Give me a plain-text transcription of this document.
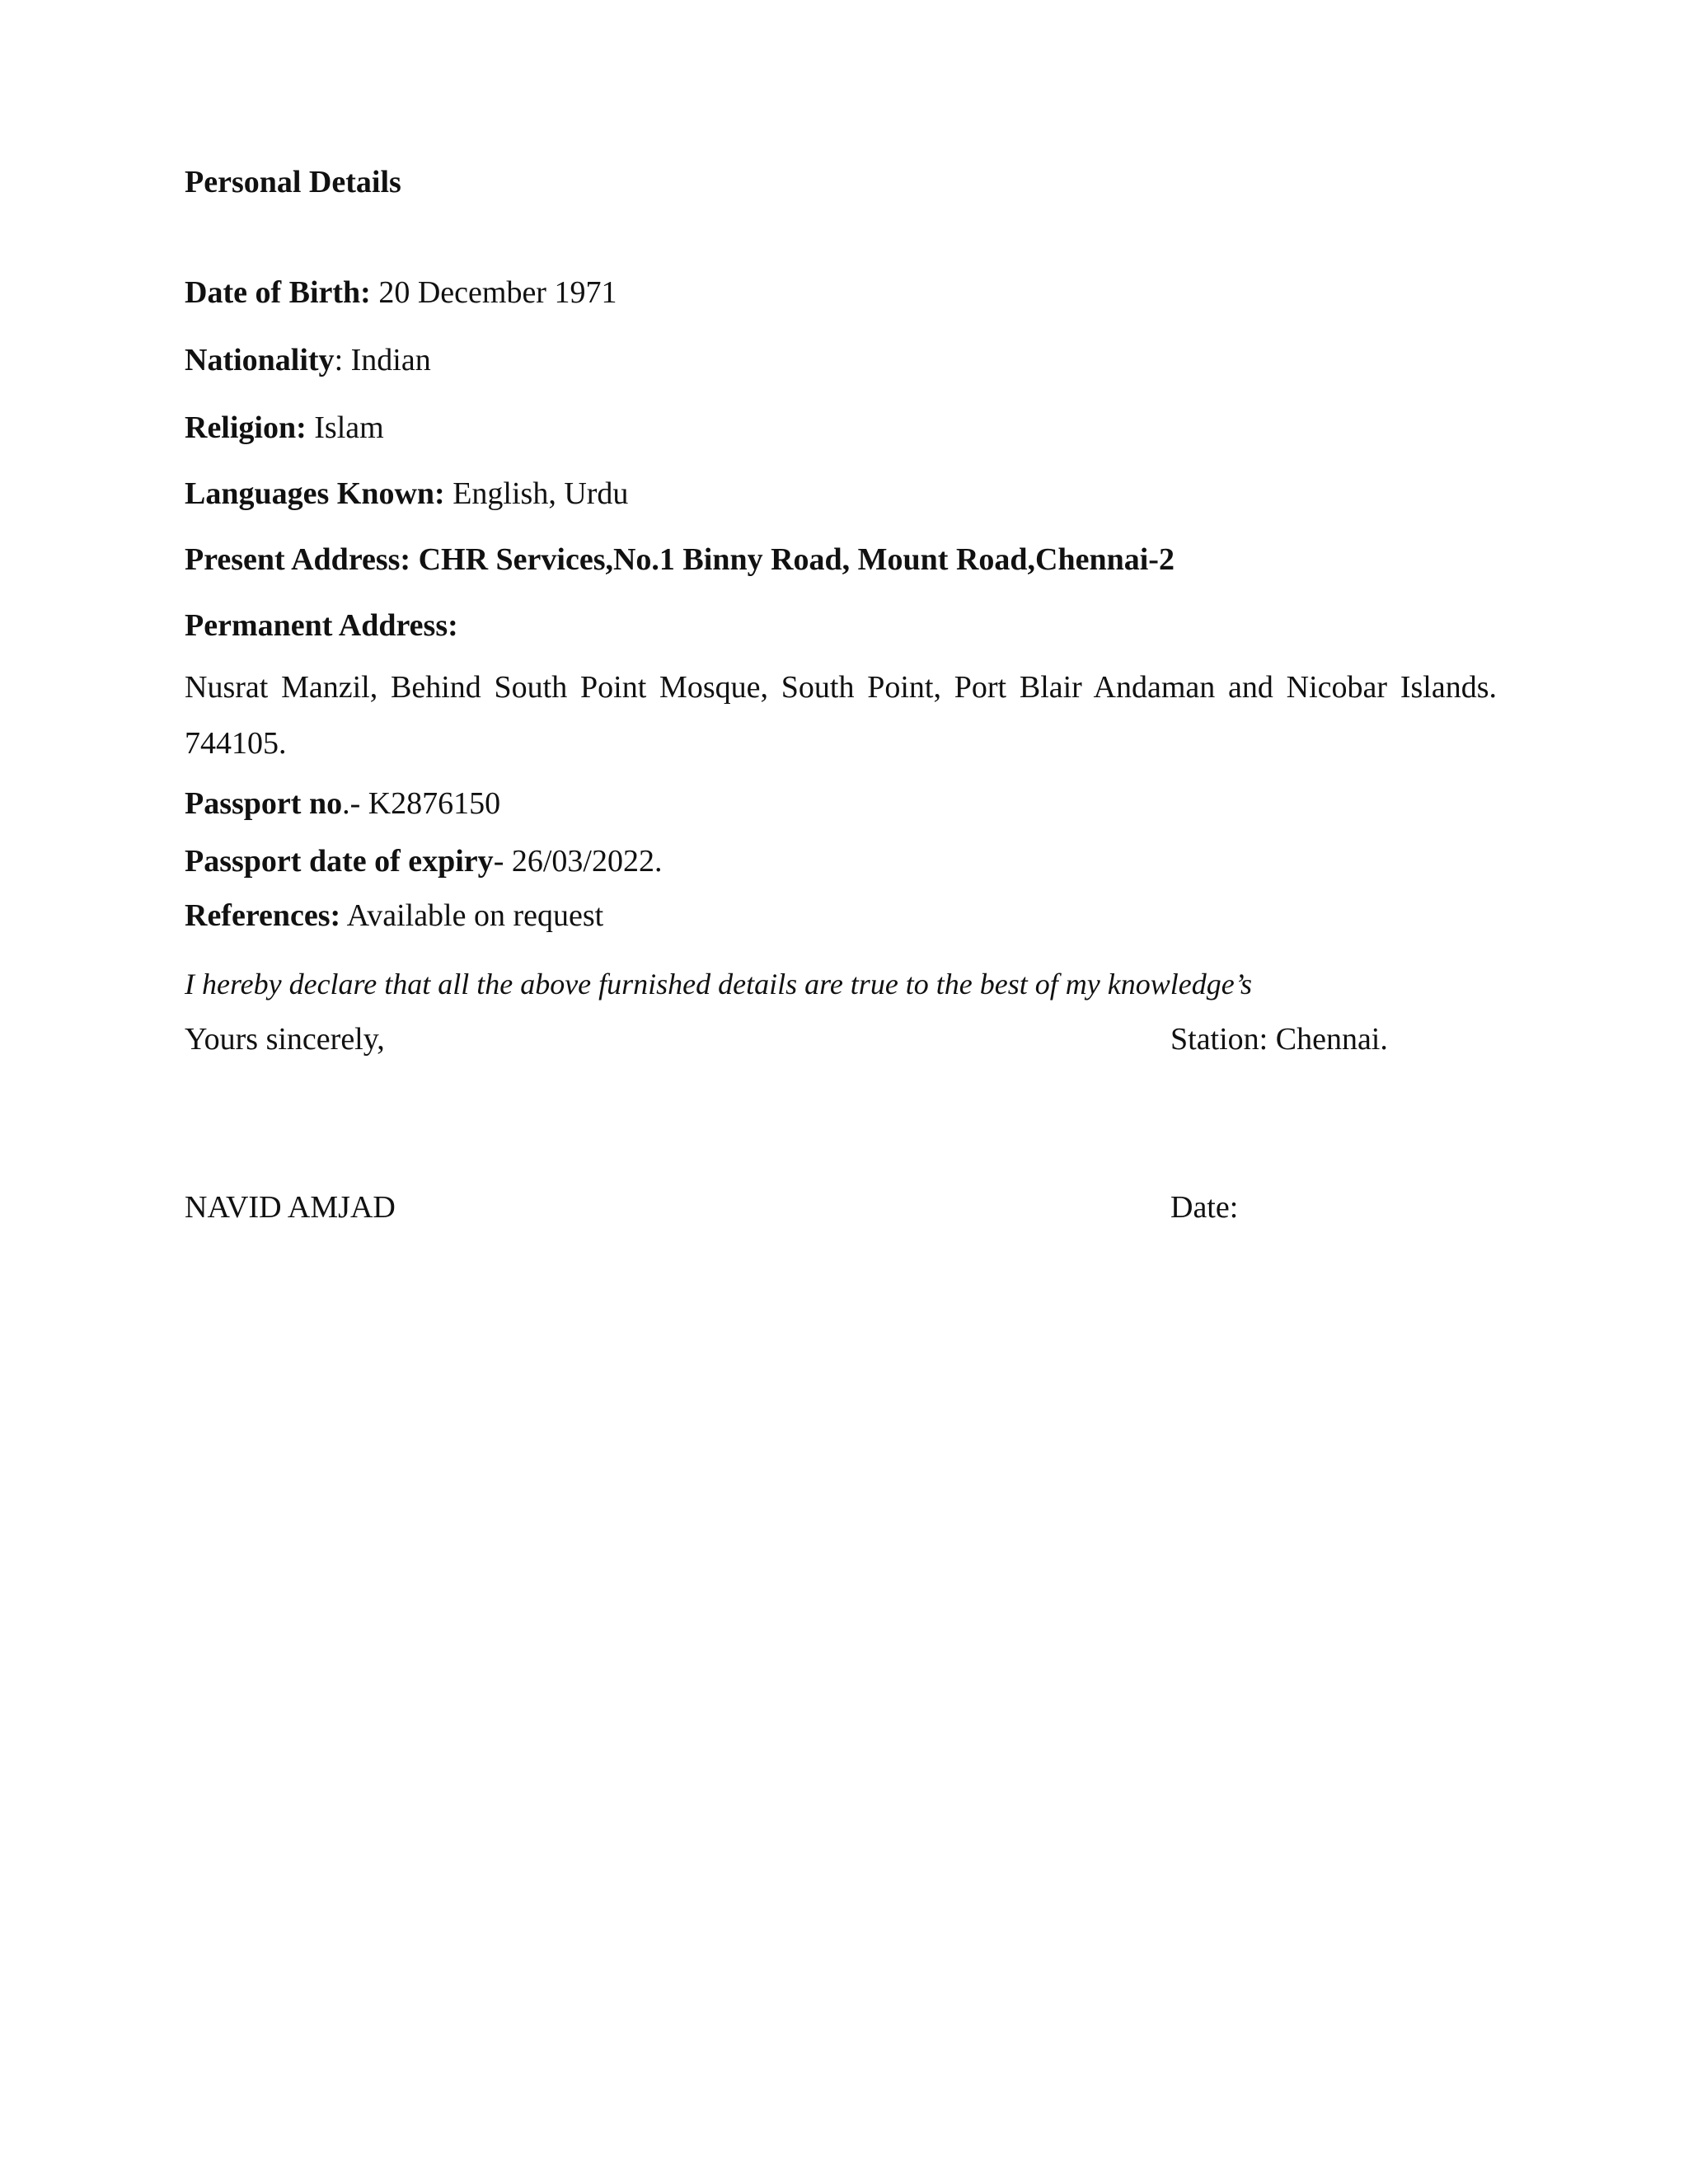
Personal Details
Date of Birth: 20 December 1971
Nationality: Indian
Religion: Islam
Languages Known: English, Urdu
Present Address: CHR Services,No.1 Binny Road, Mount Road,Chennai-2
Permanent Address:
Nusrat Manzil, Behind South Point Mosque, South Point, Port Blair Andaman and Nicobar Islands. 744105.
Passport no.- K2876150
Passport date of expiry- 26/03/2022.
References: Available on request
I hereby declare that all the above furnished details are true to the best of my knowledge’s
Yours sincerely,	Station: Chennai.
NAVID AMJAD	Date:
